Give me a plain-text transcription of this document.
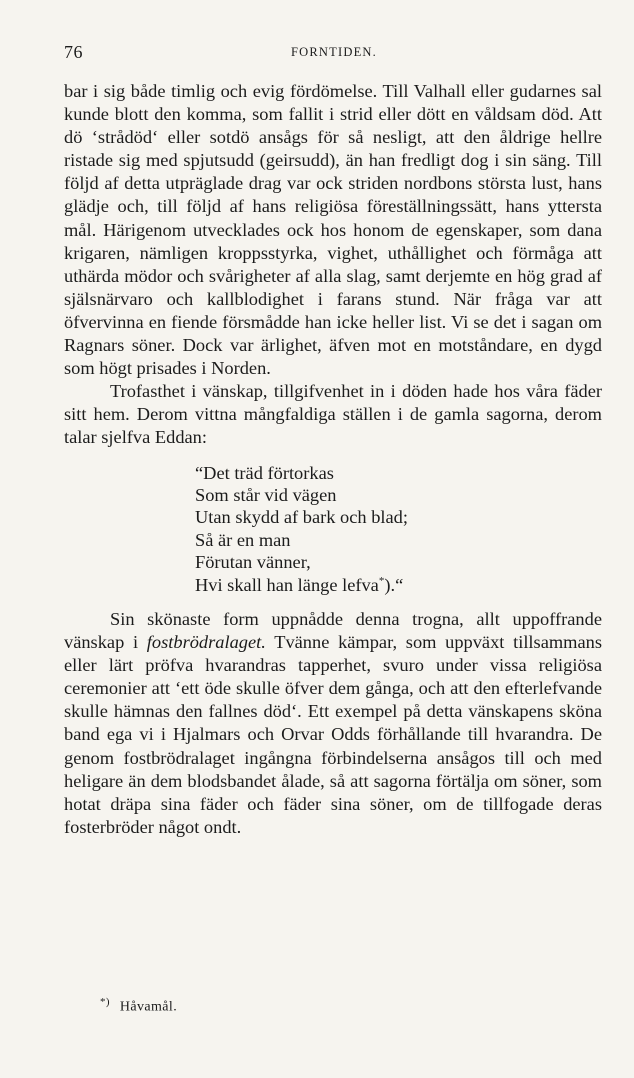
76	FORNTIDEN.

bar i sig både timlig och evig fördömelse. Till Valhall eller gudarnes sal kunde blott den komma, som fallit i strid eller dött en våldsam död. Att dö ‘strådöd‘ eller sotdö ansågs för så nesligt, att den åldrige hellre ristade sig med spjutsudd (geirsudd), än han fredligt dog i sin säng. Till följd af detta utpräglade drag var ock striden nordbons största lust, hans glädje och, till följd af hans religiösa föreställningssätt, hans yttersta mål. Härigenom utvecklades ock hos honom de egenskaper, som dana krigaren, nämligen kroppsstyrka, vighet, uthållighet och förmåga att uthärda mödor och svårigheter af alla slag, samt derjemte en hög grad af själsnärvaro och kallblodighet i farans stund. När fråga var att öfvervinna en fiende försmådde han icke heller list. Vi se det i sagan om Ragnars söner. Dock var ärlighet, äfven mot en motståndare, en dygd som högt prisades i Norden.

Trofasthet i vänskap, tillgifvenhet in i döden hade hos våra fäder sitt hem. Derom vittna mångfaldiga ställen i de gamla sagorna, derom talar sjelfva Eddan:

“Det träd förtorkas
Som står vid vägen
Utan skydd af bark och blad;
Så är en man
Förutan vänner,
Hvi skall han länge lefva*).“

Sin skönaste form uppnådde denna trogna, allt uppoffrande vänskap i fostbrödralaget. Tvänne kämpar, som uppväxt tillsammans eller lärt pröfva hvarandras tapperhet, svuro under vissa religiösa ceremonier att ‘ett öde skulle öfver dem gånga, och att den efterlefvande skulle hämnas den fallnes död‘. Ett exempel på detta vänskapens sköna band ega vi i Hjalmars och Orvar Odds förhållande till hvarandra. De genom fostbrödralaget ingångna förbindelserna ansågos till och med heligare än dem blodsbandet ålade, så att sagorna förtälja om söner, som hotat dräpa sina fäder och fäder sina söner, om de tillfogade deras fosterbröder något ondt.

*) Håvamål.
